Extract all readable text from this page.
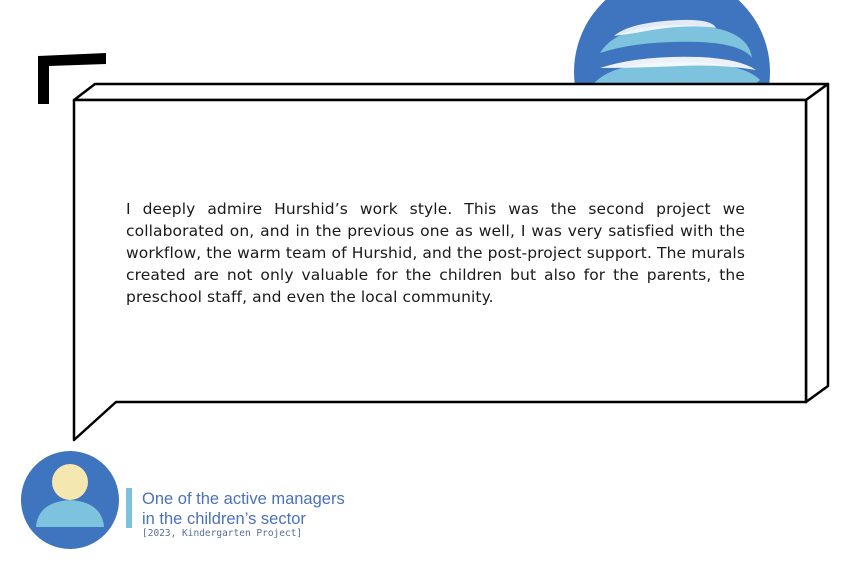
I deeply admire Hurshid’s work style. This was the second project we collaborated on, and in the previous one as well, I was very satisfied with the workflow, the warm team of Hurshid, and the post-project support. The murals created are not only valuable for the children but also for the parents, the preschool staff, and even the local community.
One of the active managers
in the children’s sector
[2023, Kindergarten Project]
